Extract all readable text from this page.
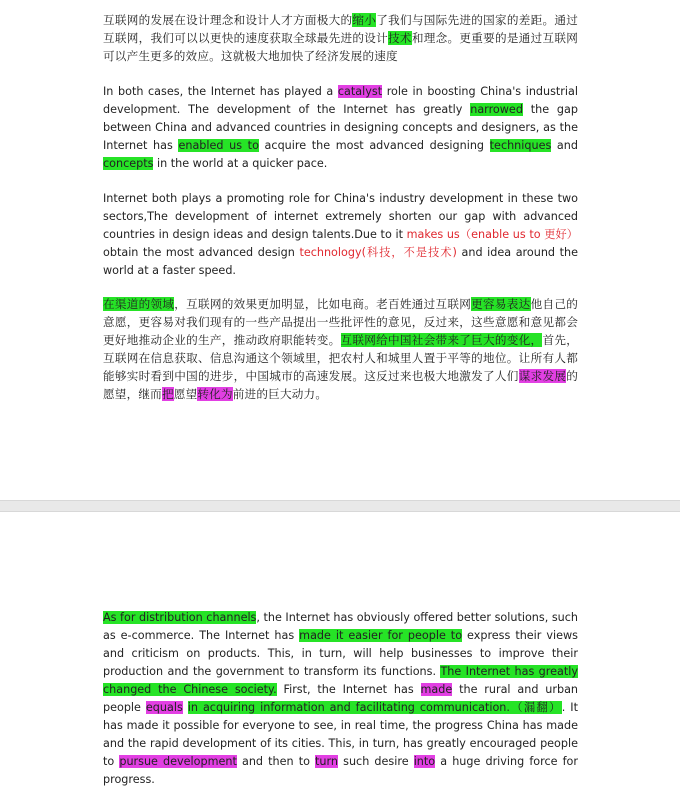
互联网的发展在设计理念和设计人才方面极大的缩小了我们与国际先进的国家的差距。通过互联网，我们可以以更快的速度获取全球最先进的设计技术和理念。更重要的是通过互联网可以产生更多的效应。这就极大地加快了经济发展的速度

In both cases, the Internet has played a catalyst role in boosting China's industrial development. The development of the Internet has greatly narrowed the gap between China and advanced countries in designing concepts and designers, as the Internet has enabled us to acquire the most advanced designing techniques and concepts in the world at a quicker pace.

Internet both plays a promoting role for China's industry development in these two sectors,The development of internet extremely shorten our gap with advanced countries in design ideas and design talents.Due to it makes us（enable us to 更好） obtain the most advanced design technology(科技，不是技术) and idea around the world at a faster speed.

在渠道的领域，互联网的效果更加明显，比如电商。老百姓通过互联网更容易表达他自己的意愿，更容易对我们现有的一些产品提出一些批评性的意见，反过来，这些意愿和意见都会更好地推动企业的生产，推动政府职能转变。互联网给中国社会带来了巨大的变化，首先，互联网在信息获取、信息沟通这个领域里，把农村人和城里人置于平等的地位。让所有人都能够实时看到中国的进步，中国城市的高速发展。这反过来也极大地激发了人们谋求发展的愿望，继而把愿望转化为前进的巨大动力。

As for distribution channels, the Internet has obviously offered better solutions, such as e-commerce. The Internet has made it easier for people to express their views and criticism on products. This, in turn, will help businesses to improve their production and the government to transform its functions. The Internet has greatly changed the Chinese society. First, the Internet has made the rural and urban people equals in acquiring information and facilitating communication.（漏翻）. It has made it possible for everyone to see, in real time, the progress China has made and the rapid development of its cities. This, in turn, has greatly encouraged people to pursue development and then to turn such desire into a huge driving force for progress.
